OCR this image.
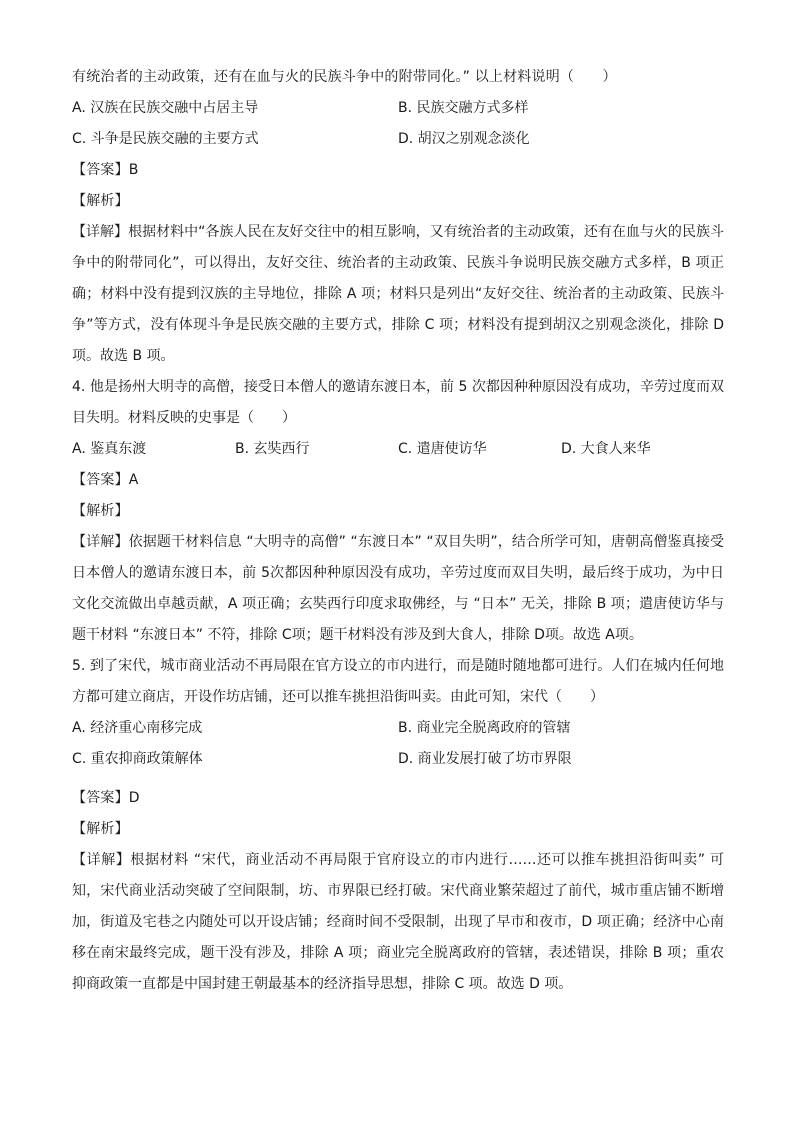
有统治者的主动政策，还有在血与火的民族斗争中的附带同化。” 以上材料说明（　　）
A. 汉族在民族交融中占居主导	B. 民族交融方式多样
C. 斗争是民族交融的主要方式	D. 胡汉之别观念淡化
【答案】B
【解析】
【详解】根据材料中“各族人民在友好交往中的相互影响，又有统治者的主动政策，还有在血与火的民族斗争中的附带同化”，可以得出，友好交往、统治者的主动政策、民族斗争说明民族交融方式多样，B 项正确；材料中没有提到汉族的主导地位，排除 A 项；材料只是列出“友好交往、统治者的主动政策、民族斗争”等方式，没有体现斗争是民族交融的主要方式，排除 C 项；材料没有提到胡汉之别观念淡化，排除 D 项。故选 B 项。
4. 他是扬州大明寺的高僧，接受日本僧人的邀请东渡日本，前 5 次都因种种原因没有成功，辛劳过度而双目失明。材料反映的史事是（　　）
A. 鉴真东渡	B. 玄奘西行	C. 遣唐使访华	D. 大食人来华
【答案】A
【解析】
【详解】依据题干材料信息 “大明寺的高僧” “东渡日本” “双目失明”，结合所学可知，唐朝高僧鉴真接受日本僧人的邀请东渡日本，前 5次都因种种原因没有成功，辛劳过度而双目失明，最后终于成功，为中日文化交流做出卓越贡献，A 项正确；玄奘西行印度求取佛经，与 “日本” 无关，排除 B 项；遣唐使访华与题干材料 “东渡日本” 不符，排除 C项；题干材料没有涉及到大食人，排除 D项。故选 A项。
5. 到了宋代，城市商业活动不再局限在官方设立的市内进行，而是随时随地都可进行。人们在城内任何地方都可建立商店，开设作坊店铺，还可以推车挑担沿街叫卖。由此可知，宋代（　　）
A. 经济重心南移完成	B. 商业完全脱离政府的管辖
C. 重农抑商政策解体	D. 商业发展打破了坊市界限
【答案】D
【解析】
【详解】根据材料 “宋代，商业活动不再局限于官府设立的市内进行……还可以推车挑担沿街叫卖” 可知，宋代商业活动突破了空间限制，坊、市界限已经打破。宋代商业繁荣超过了前代，城市重店铺不断增加，街道及宅巷之内随处可以开设店铺；经商时间不受限制，出现了早市和夜市，D 项正确；经济中心南移在南宋最终完成，题干没有涉及，排除 A 项；商业完全脱离政府的管辖，表述错误，排除 B 项；重农抑商政策一直都是中国封建王朝最基本的经济指导思想，排除 C 项。故选 D 项。
